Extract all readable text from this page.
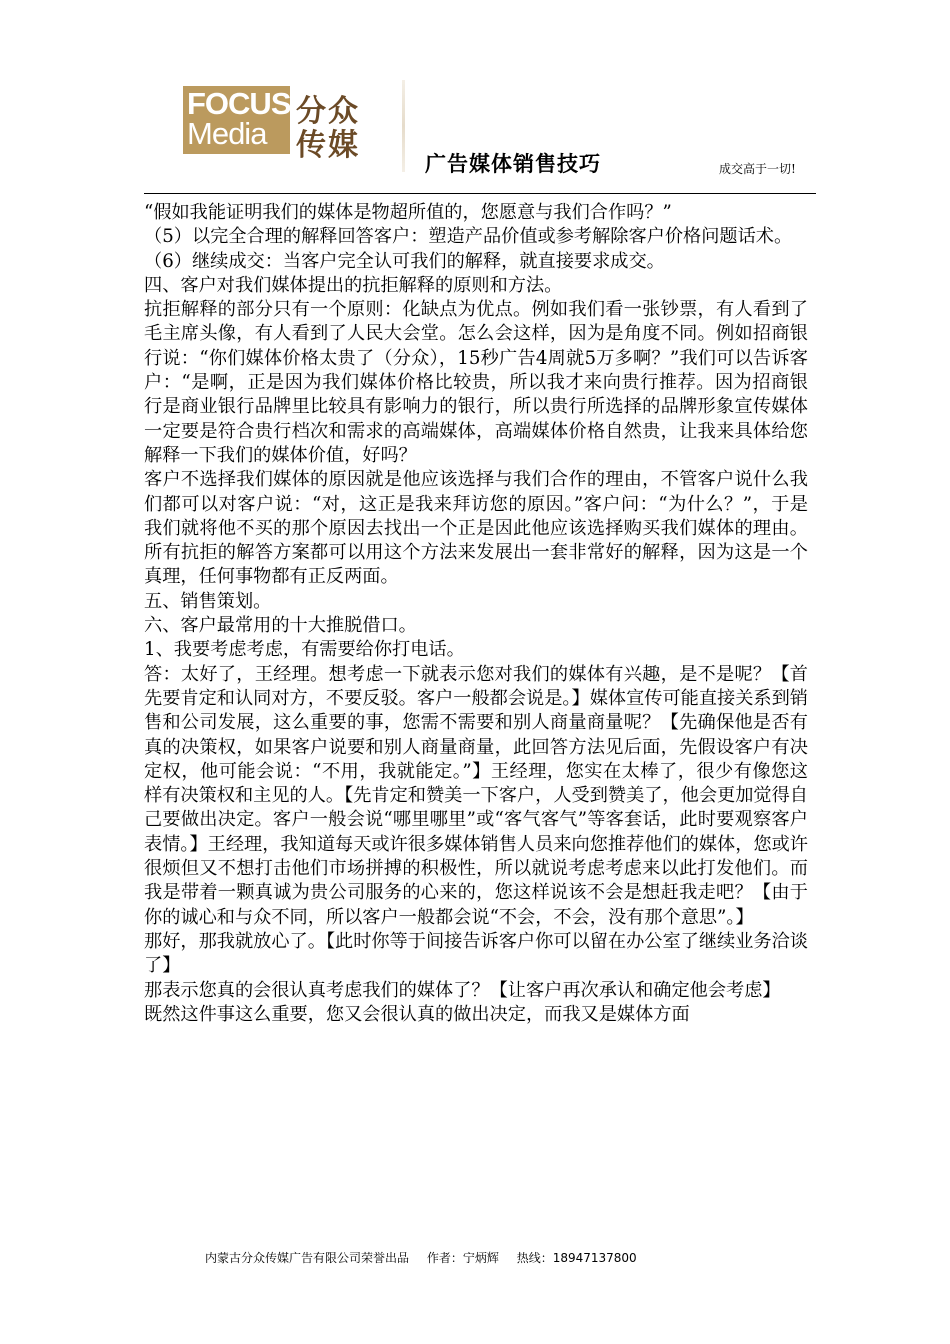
FOCUS
Media
分众
传媒
广告媒体销售技巧	成交高于一切!

“假如我能证明我们的媒体是物超所值的，您愿意与我们合作吗？”

（5）以完全合理的解释回答客户：塑造产品价值或参考解除客户价格问题话术。

（6）继续成交：当客户完全认可我们的解释，就直接要求成交。

四、客户对我们媒体提出的抗拒解释的原则和方法。

抗拒解释的部分只有一个原则：化缺点为优点。例如我们看一张钞票，有人看到了毛主席头像，有人看到了人民大会堂。怎么会这样，因为是角度不同。例如招商银行说：“你们媒体价格太贵了（分众），15秒广告4周就5万多啊？”我们可以告诉客户：“是啊，正是因为我们媒体价格比较贵，所以我才来向贵行推荐。因为招商银行是商业银行品牌里比较具有影响力的银行，所以贵行所选择的品牌形象宣传媒体一定要是符合贵行档次和需求的高端媒体，高端媒体价格自然贵，让我来具体给您解释一下我们的媒体价值，好吗？

客户不选择我们媒体的原因就是他应该选择与我们合作的理由，不管客户说什么我们都可以对客户说：“对，这正是我来拜访您的原因。”客户问：“为什么？”，于是我们就将他不买的那个原因去找出一个正是因此他应该选择购买我们媒体的理由。所有抗拒的解答方案都可以用这个方法来发展出一套非常好的解释，因为这是一个真理，任何事物都有正反两面。

五、销售策划。

六、客户最常用的十大推脱借口。

1、我要考虑考虑，有需要给你打电话。

答：太好了，王经理。想考虑一下就表示您对我们的媒体有兴趣，是不是呢？【首先要肯定和认同对方，不要反驳。客户一般都会说是。】媒体宣传可能直接关系到销售和公司发展，这么重要的事，您需不需要和别人商量商量呢？【先确保他是否有真的决策权，如果客户说要和别人商量商量，此回答方法见后面，先假设客户有决定权，他可能会说：“不用，我就能定。”】王经理，您实在太棒了，很少有像您这样有决策权和主见的人。【先肯定和赞美一下客户，人受到赞美了，他会更加觉得自己要做出决定。客户一般会说“哪里哪里”或“客气客气”等客套话，此时要观察客户表情。】王经理，我知道每天或许很多媒体销售人员来向您推荐他们的媒体，您或许很烦但又不想打击他们市场拼搏的积极性，所以就说考虑考虑来以此打发他们。而我是带着一颗真诚为贵公司服务的心来的，您这样说该不会是想赶我走吧？【由于你的诚心和与众不同，所以客户一般都会说“不会，不会，没有那个意思”。】

那好，那我就放心了。【此时你等于间接告诉客户你可以留在办公室了继续业务洽谈了】

那表示您真的会很认真考虑我们的媒体了？【让客户再次承认和确定他会考虑】

既然这件事这么重要，您又会很认真的做出决定，而我又是媒体方面

内蒙古分众传媒广告有限公司荣誉出品 作者：宁炳辉 热线：18947137800
